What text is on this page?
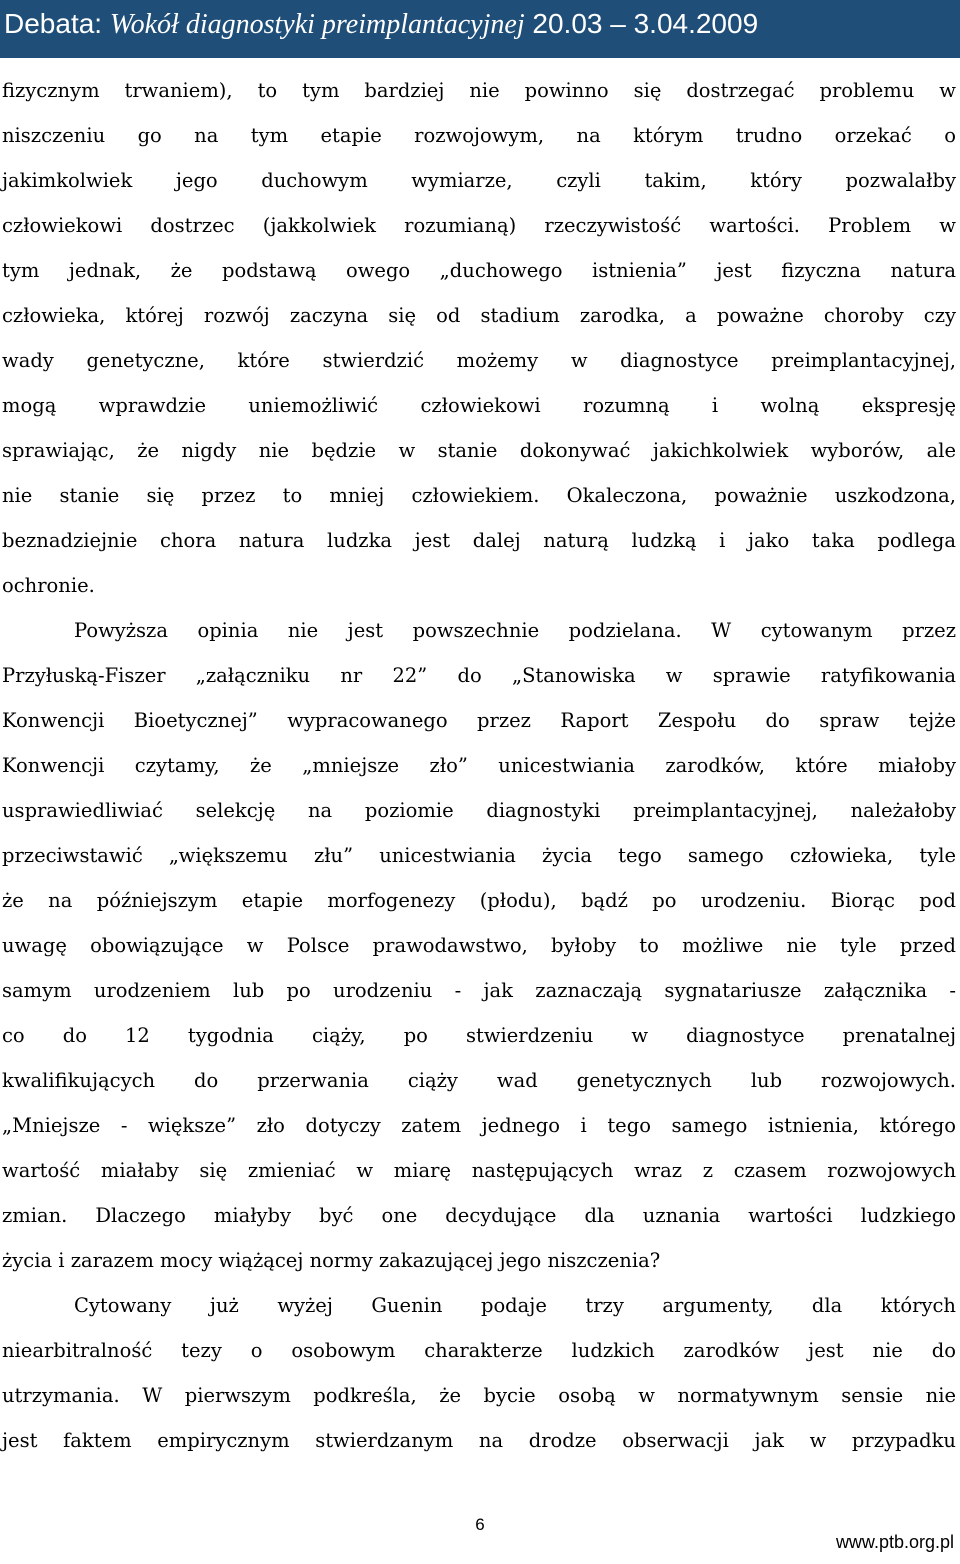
Debata: Wokół diagnostyki preimplantacyjnej 20.03 – 3.04.2009

fizycznym trwaniem), to tym bardziej nie powinno się dostrzegać problemu w
niszczeniu go na tym etapie rozwojowym, na którym trudno orzekać o
jakimkolwiek jego duchowym wymiarze, czyli takim, który pozwalałby
człowiekowi dostrzec (jakkolwiek rozumianą) rzeczywistość wartości. Problem w
tym jednak, że podstawą owego „duchowego istnienia” jest fizyczna natura
człowieka, której rozwój zaczyna się od stadium zarodka, a poważne choroby czy
wady genetyczne, które stwierdzić możemy w diagnostyce preimplantacyjnej,
mogą wprawdzie uniemożliwić człowiekowi rozumną i wolną ekspresję
sprawiając, że nigdy nie będzie w stanie dokonywać jakichkolwiek wyborów, ale
nie stanie się przez to mniej człowiekiem. Okaleczona, poważnie uszkodzona,
beznadziejnie chora natura ludzka jest dalej naturą ludzką i jako taka podlega
ochronie.
Powyższa opinia nie jest powszechnie podzielana. W cytowanym przez
Przyłuską-Fiszer „załączniku nr 22” do „Stanowiska w sprawie ratyfikowania
Konwencji Bioetycznej” wypracowanego przez Raport Zespołu do spraw tejże
Konwencji czytamy, że „mniejsze zło” unicestwiania zarodków, które miałoby
usprawiedliwiać selekcję na poziomie diagnostyki preimplantacyjnej, należałoby
przeciwstawić „większemu złu” unicestwiania życia tego samego człowieka, tyle
że na późniejszym etapie morfogenezy (płodu), bądź po urodzeniu. Biorąc pod
uwagę obowiązujące w Polsce prawodawstwo, byłoby to możliwe nie tyle przed
samym urodzeniem lub po urodzeniu - jak zaznaczają sygnatariusze załącznika -
co do 12 tygodnia ciąży, po stwierdzeniu w diagnostyce prenatalnej
kwalifikujących do przerwania ciąży wad genetycznych lub rozwojowych.
„Mniejsze - większe” zło dotyczy zatem jednego i tego samego istnienia, którego
wartość miałaby się zmieniać w miarę następujących wraz z czasem rozwojowych
zmian. Dlaczego miałyby być one decydujące dla uznania wartości ludzkiego
życia i zarazem mocy wiążącej normy zakazującej jego niszczenia?
Cytowany już wyżej Guenin podaje trzy argumenty, dla których
niearbitralność tezy o osobowym charakterze ludzkich zarodków jest nie do
utrzymania. W pierwszym podkreśla, że bycie osobą w normatywnym sensie nie
jest faktem empirycznym stwierdzanym na drodze obserwacji jak w przypadku

6

www.ptb.org.pl
